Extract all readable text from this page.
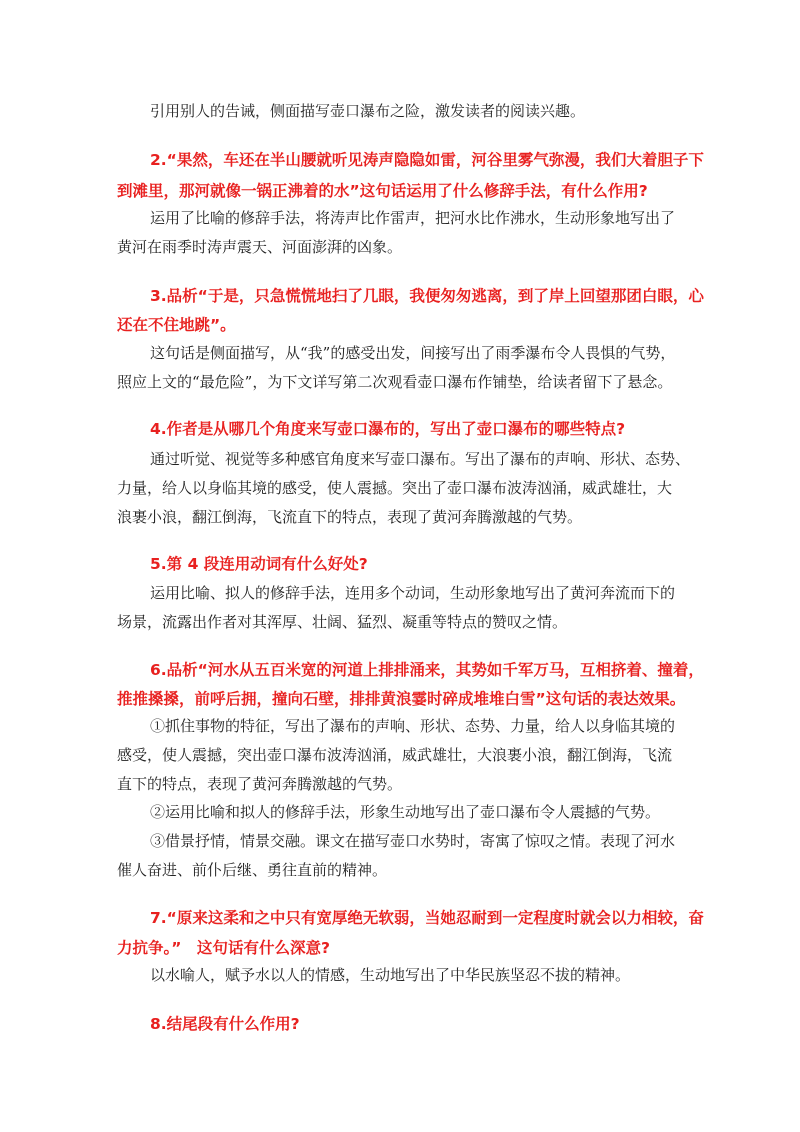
引用别人的告诫，侧面描写壶口瀑布之险，激发读者的阅读兴趣。
2.“果然，车还在半山腰就听见涛声隐隐如雷，河谷里雾气弥漫，我们大着胆子下
到滩里，那河就像一锅正沸着的水”这句话运用了什么修辞手法，有什么作用?
运用了比喻的修辞手法，将涛声比作雷声，把河水比作沸水，生动形象地写出了
黄河在雨季时涛声震天、河面澎湃的凶象。
3.品析“于是，只急慌慌地扫了几眼，我便匆匆逃离，到了岸上回望那团白眼，心
还在不住地跳”。
这句话是侧面描写，从“我”的感受出发，间接写出了雨季瀑布令人畏惧的气势，
照应上文的“最危险”，为下文详写第二次观看壶口瀑布作铺垫，给读者留下了悬念。
4.作者是从哪几个角度来写壶口瀑布的，写出了壶口瀑布的哪些特点?
通过听觉、视觉等多种感官角度来写壶口瀑布。写出了瀑布的声响、形状、态势、
力量，给人以身临其境的感受，使人震撼。突出了壶口瀑布波涛汹涌，威武雄壮，大
浪裹小浪，翻江倒海，飞流直下的特点，表现了黄河奔腾激越的气势。
5.第 4 段连用动词有什么好处?
运用比喻、拟人的修辞手法，连用多个动词，生动形象地写出了黄河奔流而下的
场景，流露出作者对其浑厚、壮阔、猛烈、凝重等特点的赞叹之情。
6.品析“河水从五百米宽的河道上排排涌来，其势如千军万马，互相挤着、撞着，
推推搡搡，前呼后拥，撞向石壁，排排黄浪霎时碎成堆堆白雪”这句话的表达效果。
①抓住事物的特征，写出了瀑布的声响、形状、态势、力量，给人以身临其境的
感受，使人震撼，突出壶口瀑布波涛汹涌，威武雄壮，大浪裹小浪，翻江倒海，飞流
直下的特点，表现了黄河奔腾激越的气势。
②运用比喻和拟人的修辞手法，形象生动地写出了壶口瀑布令人震撼的气势。
③借景抒情，情景交融。课文在描写壶口水势时，寄寓了惊叹之情。表现了河水
催人奋进、前仆后继、勇往直前的精神。
7.“原来这柔和之中只有宽厚绝无软弱，当她忍耐到一定程度时就会以力相较，奋
力抗争。”　这句话有什么深意?
以水喻人，赋予水以人的情感，生动地写出了中华民族坚忍不拔的精神。
8.结尾段有什么作用?
